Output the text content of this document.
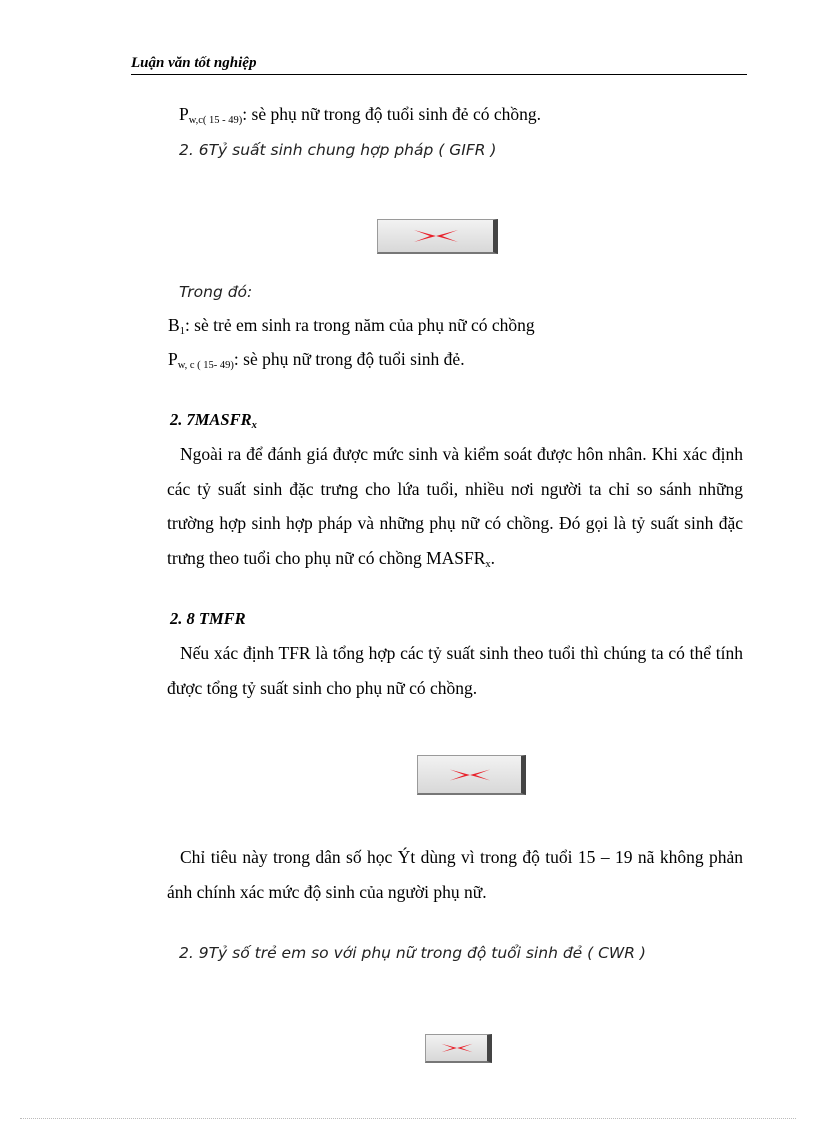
Luận văn tốt nghiệp
$P_{w,c( 15 - 49)}$: sè phụ nữ trong độ tuổi sinh đẻ có chồng.
2. 6Tỷ suất sinh chung hợp pháp ( GIFR )
Trong đó:
$B_1$: sè trẻ em sinh ra trong năm của phụ nữ có chồng
$P_{w, c ( 15- 49)}$: sè phụ nữ trong độ tuổi sinh đẻ.
2. $7MASFR_x$
Ngoài ra để đánh giá được mức sinh và kiểm soát được hôn nhân. Khi xác định các tỷ suất sinh đặc trưng cho lứa tuổi, nhiều nơi người ta chỉ so sánh những trường hợp sinh hợp pháp và những phụ nữ có chồng. Đó gọi là tỷ suất sinh đặc trưng theo tuổi cho phụ nữ có chồng $MASFR_x$.
2. 8 TMFR
Nếu xác định TFR là tổng hợp các tỷ suất sinh theo tuổi thì chúng ta có thể tính được tổng tỷ suất sinh cho phụ nữ có chồng.
Chỉ tiêu này trong dân số học Ýt dùng vì trong độ tuổi 15 – 19 nã không phản ánh chính xác mức độ sinh của người phụ nữ.
2. 9Tỷ số trẻ em so với phụ nữ trong độ tuổi sinh đẻ ( CWR )
